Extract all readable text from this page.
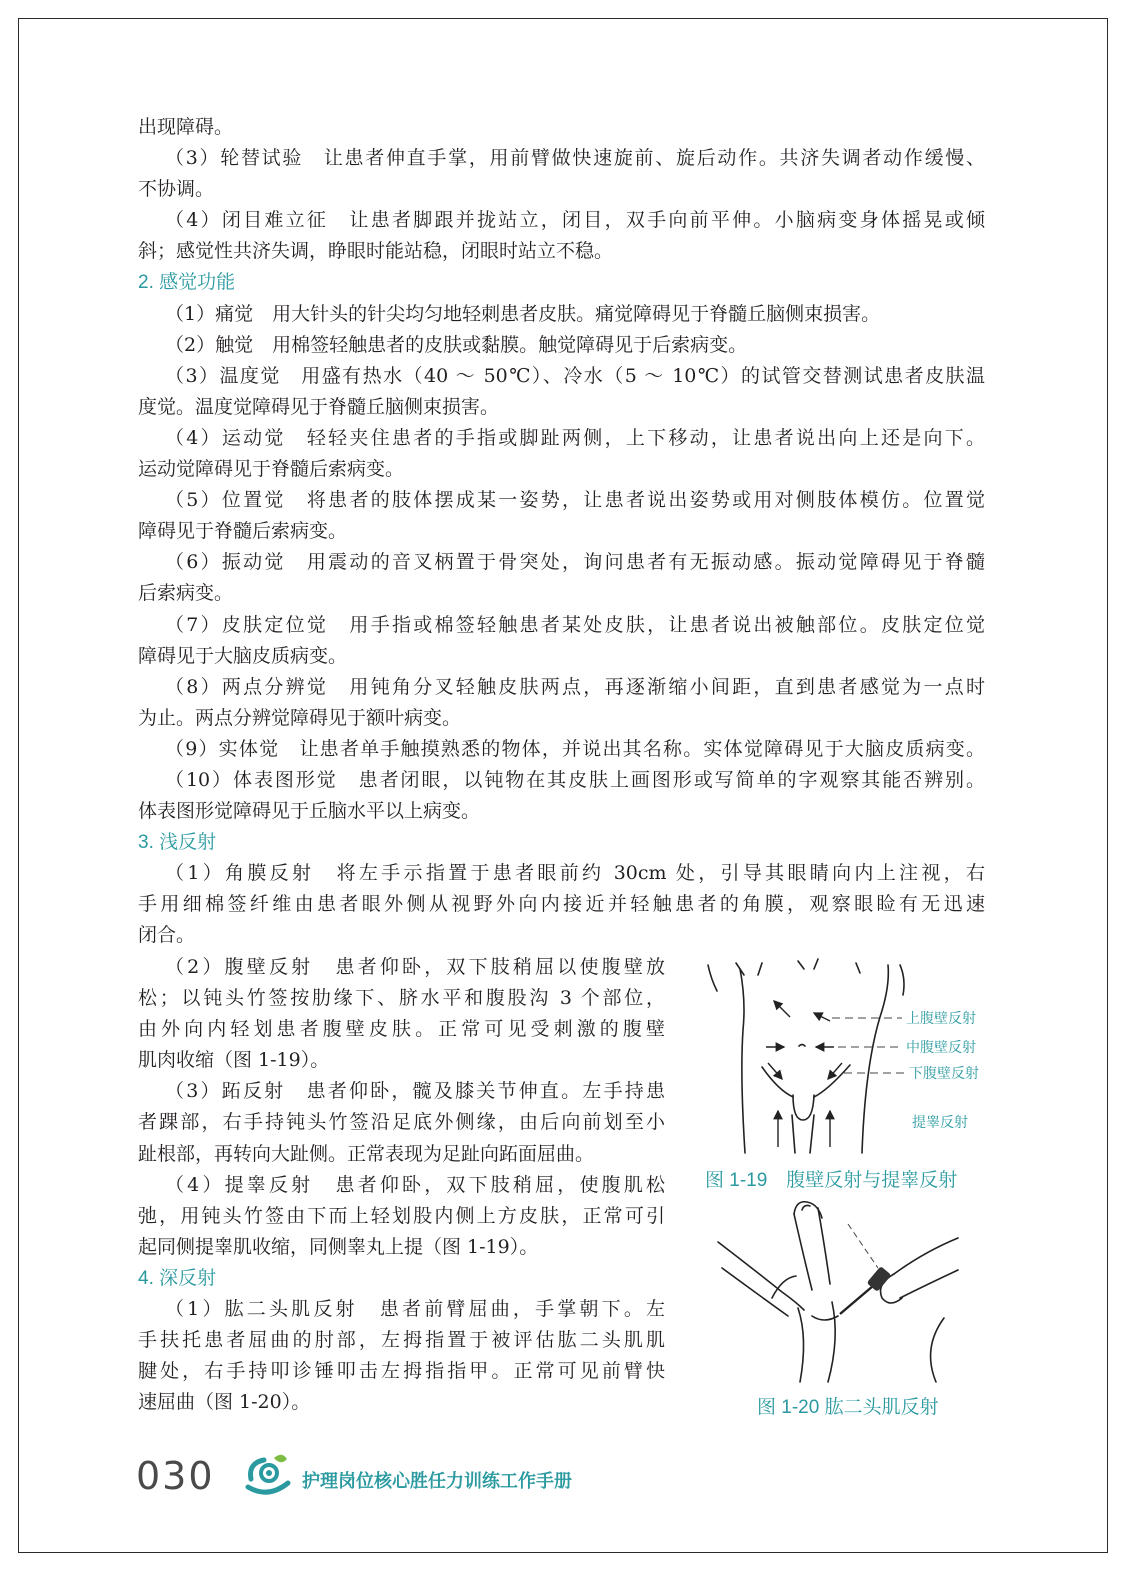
出现障碍。
（3）轮替试验　让患者伸直手掌，用前臂做快速旋前、旋后动作。共济失调者动作缓慢、
不协调。
（4）闭目难立征　让患者脚跟并拢站立，闭目，双手向前平伸。小脑病变身体摇晃或倾
斜；感觉性共济失调，睁眼时能站稳，闭眼时站立不稳。
2. 感觉功能
（1）痛觉　用大针头的针尖均匀地轻刺患者皮肤。痛觉障碍见于脊髓丘脑侧束损害。
（2）触觉　用棉签轻触患者的皮肤或黏膜。触觉障碍见于后索病变。
（3）温度觉　用盛有热水（40 ～ 50℃）、冷水（5 ～ 10℃）的试管交替测试患者皮肤温
度觉。温度觉障碍见于脊髓丘脑侧束损害。
（4）运动觉　轻轻夹住患者的手指或脚趾两侧，上下移动，让患者说出向上还是向下。
运动觉障碍见于脊髓后索病变。
（5）位置觉　将患者的肢体摆成某一姿势，让患者说出姿势或用对侧肢体模仿。位置觉
障碍见于脊髓后索病变。
（6）振动觉　用震动的音叉柄置于骨突处，询问患者有无振动感。振动觉障碍见于脊髓
后索病变。
（7）皮肤定位觉　用手指或棉签轻触患者某处皮肤，让患者说出被触部位。皮肤定位觉
障碍见于大脑皮质病变。
（8）两点分辨觉　用钝角分叉轻触皮肤两点，再逐渐缩小间距，直到患者感觉为一点时
为止。两点分辨觉障碍见于额叶病变。
（9）实体觉　让患者单手触摸熟悉的物体，并说出其名称。实体觉障碍见于大脑皮质病变。
（10）体表图形觉　患者闭眼，以钝物在其皮肤上画图形或写简单的字观察其能否辨别。
体表图形觉障碍见于丘脑水平以上病变。
3. 浅反射
（1）角膜反射　将左手示指置于患者眼前约 30cm 处，引导其眼睛向内上注视，右
手用细棉签纤维由患者眼外侧从视野外向内接近并轻触患者的角膜，观察眼睑有无迅速
闭合。
（2）腹壁反射　患者仰卧，双下肢稍屈以使腹壁放
松；以钝头竹签按肋缘下、脐水平和腹股沟 3 个部位，
由外向内轻划患者腹壁皮肤。正常可见受刺激的腹壁
肌肉收缩（图 1-19）。
（3）跖反射　患者仰卧，髋及膝关节伸直。左手持患
者踝部，右手持钝头竹签沿足底外侧缘，由后向前划至小
趾根部，再转向大趾侧。正常表现为足趾向跖面屈曲。
（4）提睾反射　患者仰卧，双下肢稍屈，使腹肌松
弛，用钝头竹签由下而上轻划股内侧上方皮肤，正常可引
起同侧提睾肌收缩，同侧睾丸上提（图 1-19）。
4. 深反射
（1）肱二头肌反射　患者前臂屈曲，手掌朝下。左
手扶托患者屈曲的肘部，左拇指置于被评估肱二头肌肌
腱处，右手持叩诊锤叩击左拇指指甲。正常可见前臂快
速屈曲（图 1-20）。
上腹壁反射
中腹壁反射
下腹壁反射
提睾反射
图 1-19　腹壁反射与提睾反射
图 1-20 肱二头肌反射
030	护理岗位核心胜任力训练工作手册
